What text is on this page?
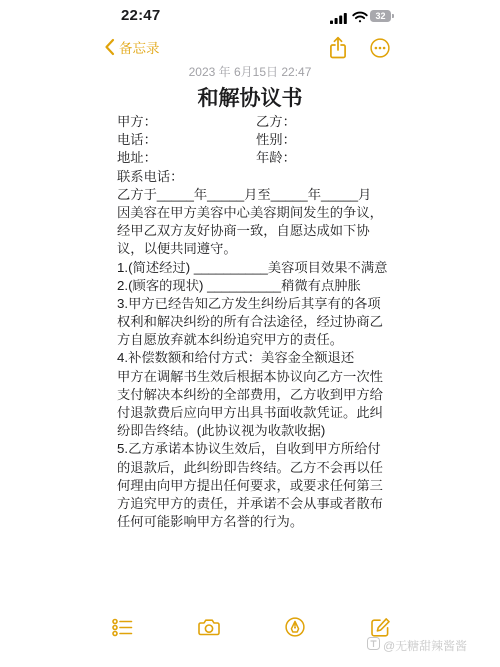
22:47	32
备忘录
2023 年 6月15日 22:47
和解协议书
甲方：	乙方：
电话：	性别：
地址：	年龄：
联系电话：
乙方于_____年_____月至_____年_____月
因美容在甲方美容中心美容期间发生的争议，
经甲乙双方友好协商一致，自愿达成如下协
议，以便共同遵守。
1.(简述经过) __________美容项目效果不满意
2.(顾客的现状) __________稍微有点肿胀
3.甲方已经告知乙方发生纠纷后其享有的各项
权利和解决纠纷的所有合法途径，经过协商乙
方自愿放弃就本纠纷追究甲方的责任。
4.补偿数额和给付方式：美容金全额退还
甲方在调解书生效后根据本协议向乙方一次性
支付解决本纠纷的全部费用，乙方收到甲方给
付退款费后应向甲方出具书面收款凭证。此纠
纷即告终结。(此协议视为收款收据)
5.乙方承诺本协议生效后，自收到甲方所给付
的退款后，此纠纷即告终结。乙方不会再以任
何理由向甲方提出任何要求，或要求任何第三
方追究甲方的责任，并承诺不会从事或者散布
任何可能影响甲方名誉的行为。
@无糖甜辣酱酱
